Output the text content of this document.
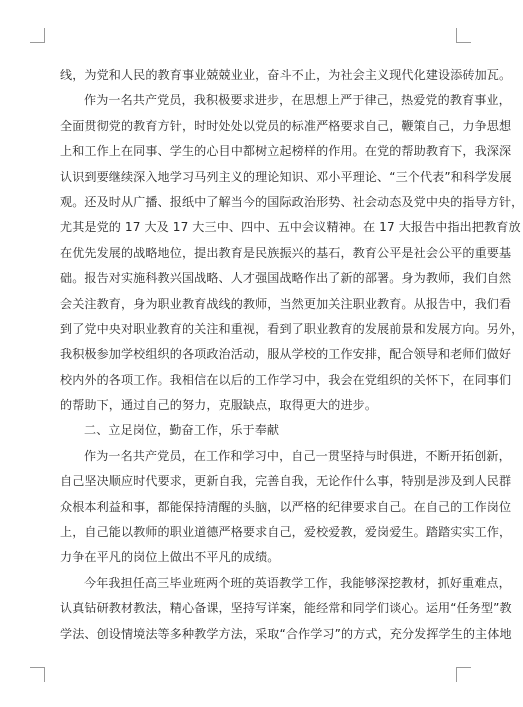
线，为党和人民的教育事业兢兢业业，奋斗不止，为社会主义现代化建设添砖加瓦。
作为一名共产党员，我积极要求进步，在思想上严于律己，热爱党的教育事业，
全面贯彻党的教育方针，时时处处以党员的标准严格要求自己，鞭策自己，力争思想
上和工作上在同事、学生的心目中都树立起榜样的作用。在党的帮助教育下，我深深
认识到要继续深入地学习马列主义的理论知识、邓小平理论、“三个代表”和科学发展
观。还及时从广播、报纸中了解当今的国际政治形势、社会动态及党中央的指导方针，
尤其是党的 17 大及 17 大三中、四中、五中会议精神。在 17 大报告中指出把教育放
在优先发展的战略地位，提出教育是民族振兴的基石，教育公平是社会公平的重要基
础。报告对实施科教兴国战略、人才强国战略作出了新的部署。身为教师，我们自然
会关注教育，身为职业教育战线的教师，当然更加关注职业教育。从报告中，我们看
到了党中央对职业教育的关注和重视，看到了职业教育的发展前景和发展方向。另外，
我积极参加学校组织的各项政治活动，服从学校的工作安排，配合领导和老师们做好
校内外的各项工作。我相信在以后的工作学习中，我会在党组织的关怀下，在同事们
的帮助下，通过自己的努力，克服缺点，取得更大的进步。
二、立足岗位，勤奋工作，乐于奉献
作为一名共产党员，在工作和学习中，自己一贯坚持与时俱进，不断开拓创新，
自己坚决顺应时代要求，更新自我，完善自我，无论作什么事，特别是涉及到人民群
众根本利益和事，都能保持清醒的头脑，以严格的纪律要求自己。在自己的工作岗位
上，自己能以教师的职业道德严格要求自己，爱校爱教，爱岗爱生。踏踏实实工作，
力争在平凡的岗位上做出不平凡的成绩。
今年我担任高三毕业班两个班的英语教学工作，我能够深挖教材，抓好重难点，
认真钻研教材教法，精心备课，坚持写详案，能经常和同学们谈心。运用“任务型”教
学法、创设情境法等多种教学方法，采取“合作学习”的方式，充分发挥学生的主体地
